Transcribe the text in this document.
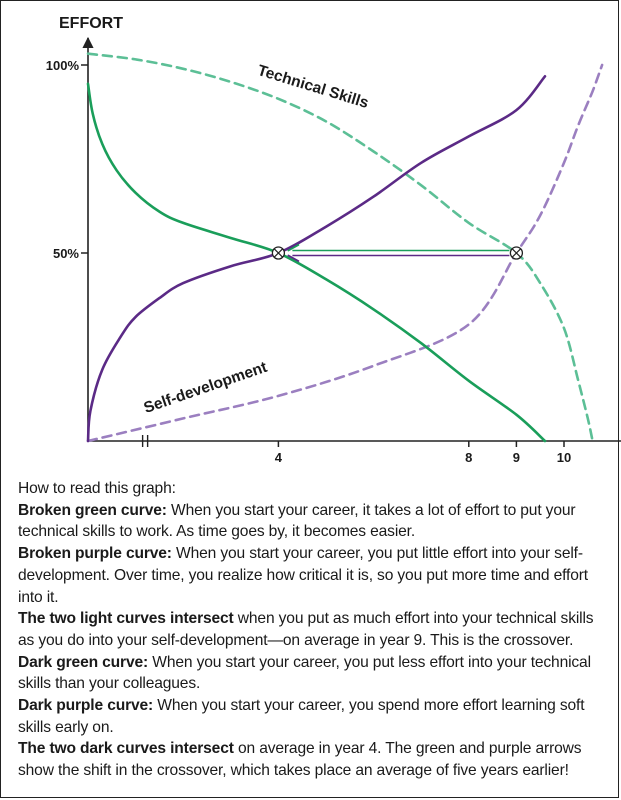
EFFORT
100%
50%
4	8	9	10
Technical Skills
Self-development

How to read this graph:

Broken green curve: When you start your career, it takes a lot of effort to put your technical skills to work. As time goes by, it becomes easier.

Broken purple curve: When you start your career, you put little effort into your self-development. Over time, you realize how critical it is, so you put more time and effort into it.

The two light curves intersect when you put as much effort into your technical skills as you do into your self-development—on average in year 9. This is the crossover.

Dark green curve: When you start your career, you put less effort into your technical skills than your colleagues.

Dark purple curve: When you start your career, you spend more effort learning soft skills early on.

The two dark curves intersect on average in year 4. The green and purple arrows show the shift in the crossover, which takes place an average of five years earlier!
